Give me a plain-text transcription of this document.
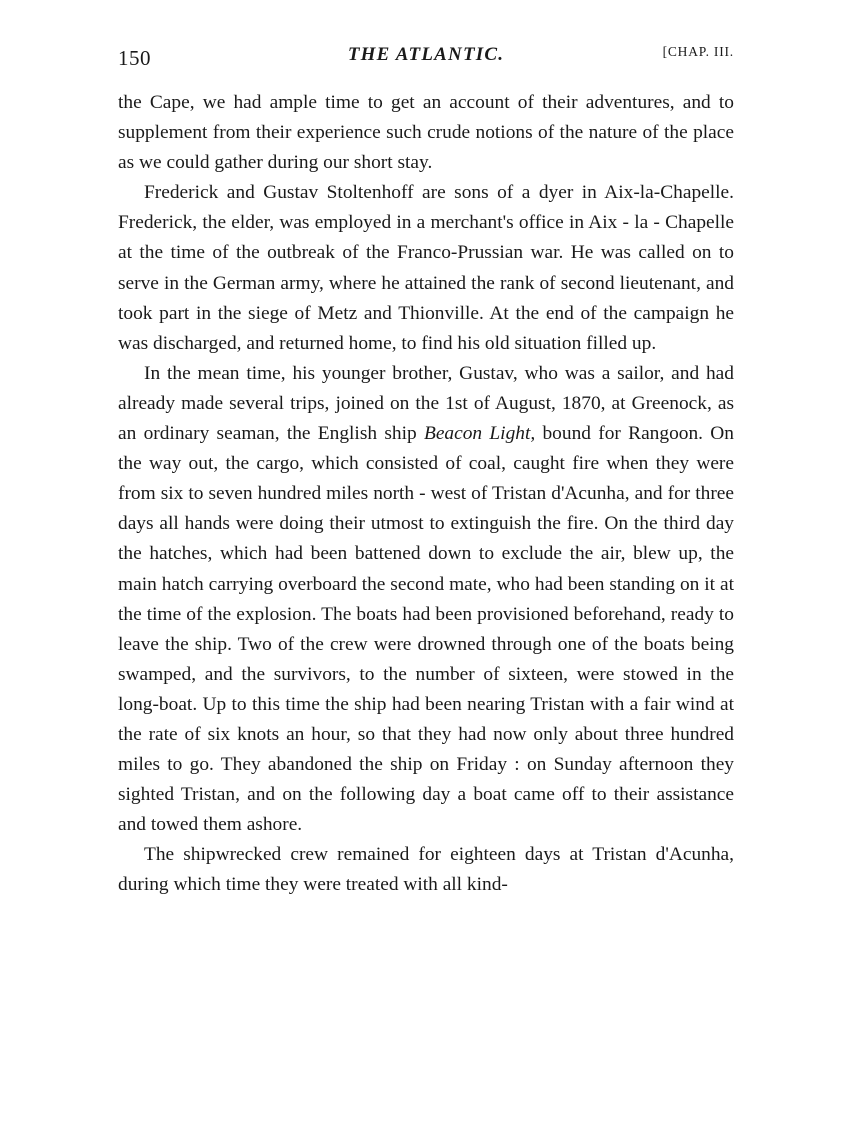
150	THE ATLANTIC.	[CHAP. III.

the Cape, we had ample time to get an account of their adventures, and to supplement from their experience such crude notions of the nature of the place as we could gather during our short stay.

Frederick and Gustav Stoltenhoff are sons of a dyer in Aix-la-Chapelle. Frederick, the elder, was employed in a merchant's office in Aix - la - Chapelle at the time of the outbreak of the Franco-Prussian war. He was called on to serve in the German army, where he attained the rank of second lieutenant, and took part in the siege of Metz and Thionville. At the end of the campaign he was discharged, and returned home, to find his old situation filled up.

In the mean time, his younger brother, Gustav, who was a sailor, and had already made several trips, joined on the 1st of August, 1870, at Greenock, as an ordinary seaman, the English ship Beacon Light, bound for Rangoon. On the way out, the cargo, which consisted of coal, caught fire when they were from six to seven hundred miles north - west of Tristan d'Acunha, and for three days all hands were doing their utmost to extinguish the fire. On the third day the hatches, which had been battened down to exclude the air, blew up, the main hatch carrying overboard the second mate, who had been standing on it at the time of the explosion. The boats had been provisioned beforehand, ready to leave the ship. Two of the crew were drowned through one of the boats being swamped, and the survivors, to the number of sixteen, were stowed in the long-boat. Up to this time the ship had been nearing Tristan with a fair wind at the rate of six knots an hour, so that they had now only about three hundred miles to go. They abandoned the ship on Friday : on Sunday afternoon they sighted Tristan, and on the following day a boat came off to their assistance and towed them ashore.

The shipwrecked crew remained for eighteen days at Tristan d'Acunha, during which time they were treated with all kind-
